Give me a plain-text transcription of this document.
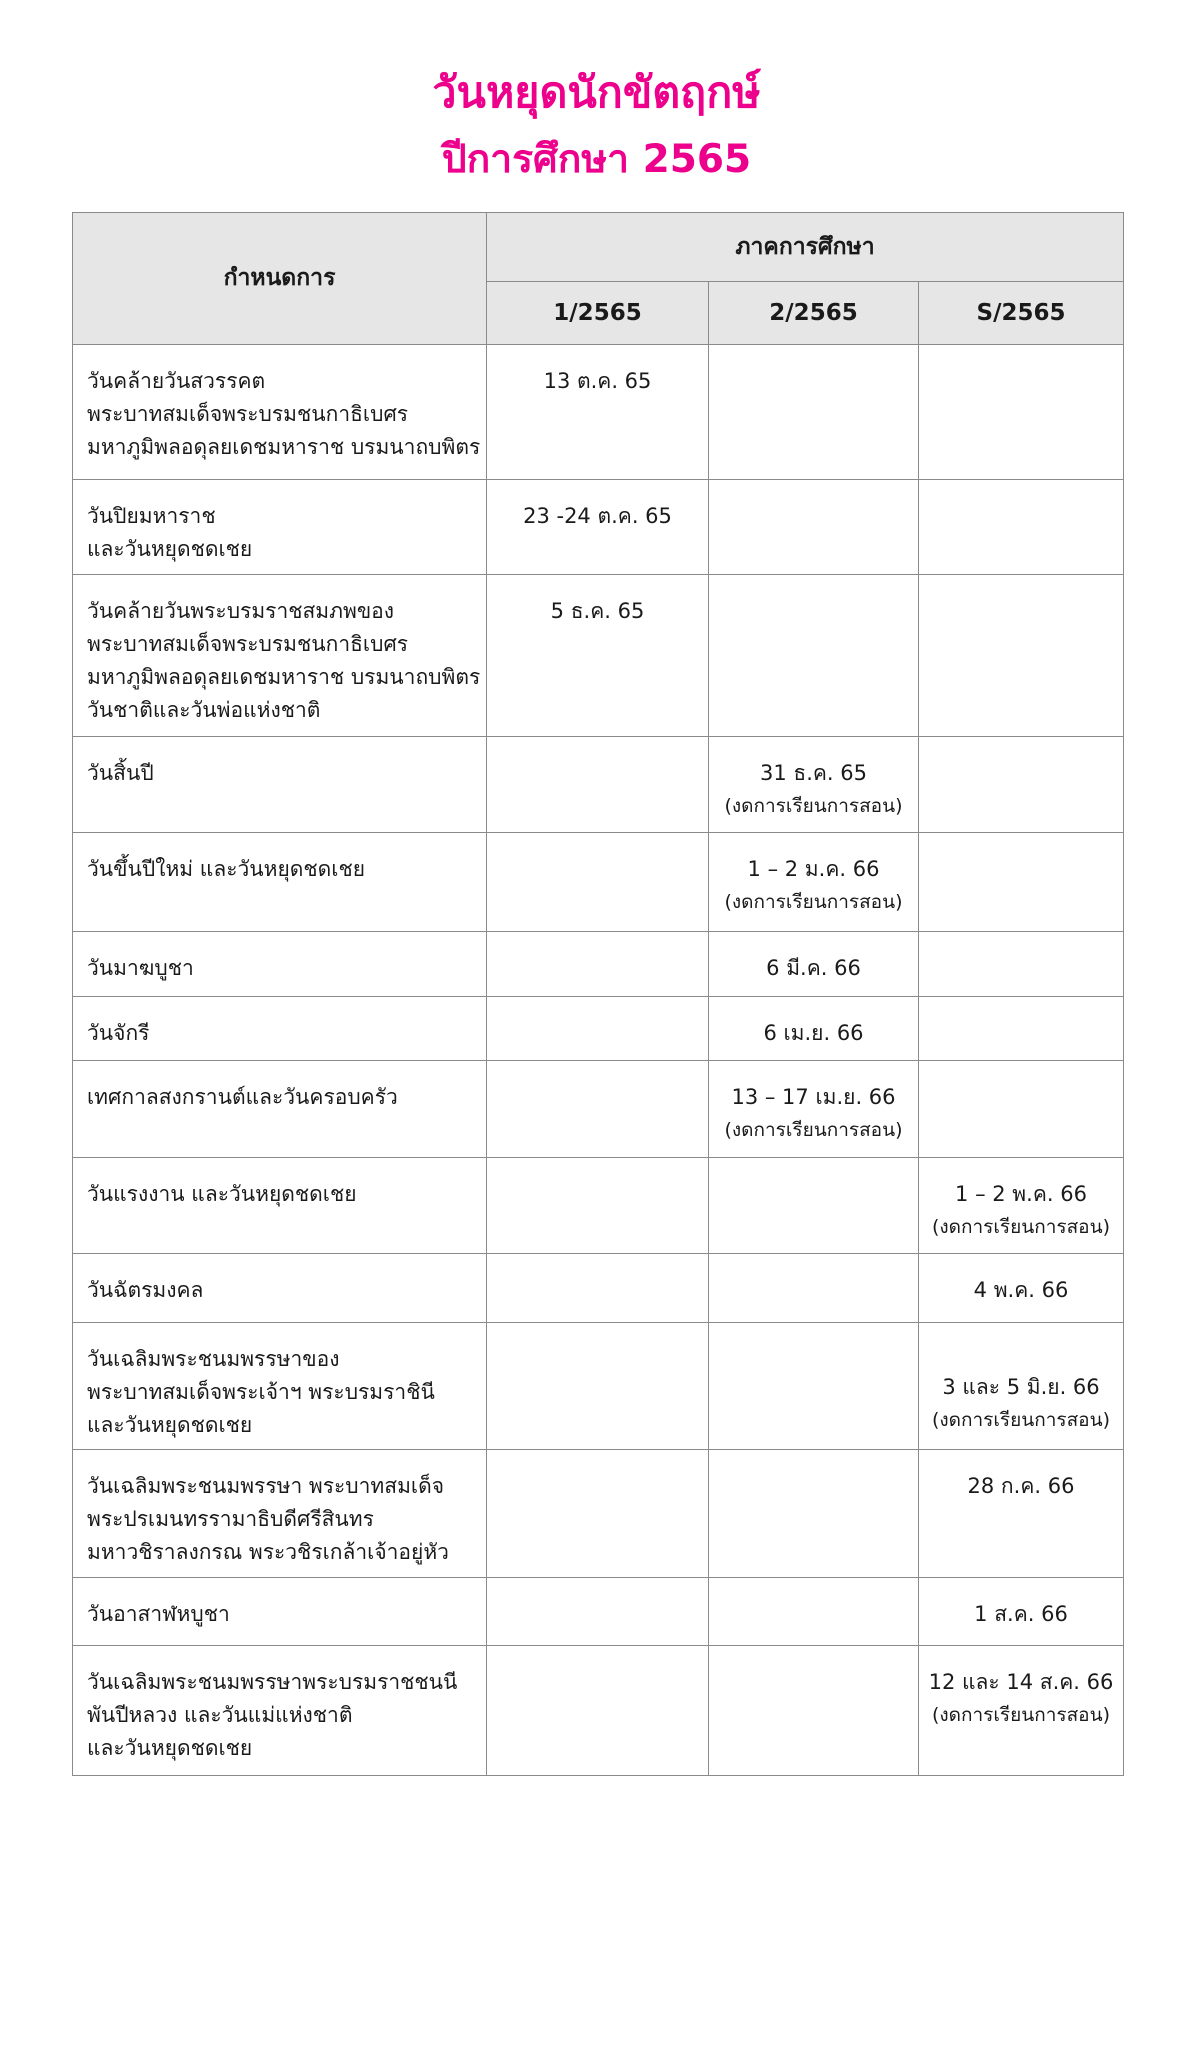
วันหยุดนักขัตฤกษ์
ปีการศึกษา 2565
กำหนดการ	ภาคการศึกษา		
	1/2565	2/2565	S/2565

วันคล้ายวันสวรรคต
พระบาทสมเด็จพระบรมชนกาธิเบศร
มหาภูมิพลอดุลยเดชมหาราช บรมนาถบพิตร	13 ต.ค. 65		

วันปิยมหาราช
และวันหยุดชดเชย	23 -24 ต.ค. 65		

วันคล้ายวันพระบรมราชสมภพของ
พระบาทสมเด็จพระบรมชนกาธิเบศร
มหาภูมิพลอดุลยเดชมหาราช บรมนาถบพิตร
วันชาติและวันพ่อแห่งชาติ	5 ธ.ค. 65		

วันสิ้นปี		31 ธ.ค. 65
(งดการเรียนการสอน)	

วันขึ้นปีใหม่ และวันหยุดชดเชย		1 – 2 ม.ค. 66
(งดการเรียนการสอน)	

วันมาฆบูชา		6 มี.ค. 66	

วันจักรี		6 เม.ย. 66	

เทศกาลสงกรานต์และวันครอบครัว		13 – 17 เม.ย. 66
(งดการเรียนการสอน)	

วันแรงงาน และวันหยุดชดเชย			1 – 2 พ.ค. 66
(งดการเรียนการสอน)

วันฉัตรมงคล			4 พ.ค. 66

วันเฉลิมพระชนมพรรษาของ
พระบาทสมเด็จพระเจ้าฯ พระบรมราชินี
และวันหยุดชดเชย			3 และ 5 มิ.ย. 66
(งดการเรียนการสอน)

วันเฉลิมพระชนมพรรษา พระบาทสมเด็จ
พระปรเมนทรรามาธิบดีศรีสินทร
มหาวชิราลงกรณ พระวชิรเกล้าเจ้าอยู่หัว			28 ก.ค. 66

วันอาสาฬหบูชา			1 ส.ค. 66

วันเฉลิมพระชนมพรรษาพระบรมราชชนนี
พันปีหลวง และวันแม่แห่งชาติ
และวันหยุดชดเชย			12 และ 14 ส.ค. 66
(งดการเรียนการสอน)
